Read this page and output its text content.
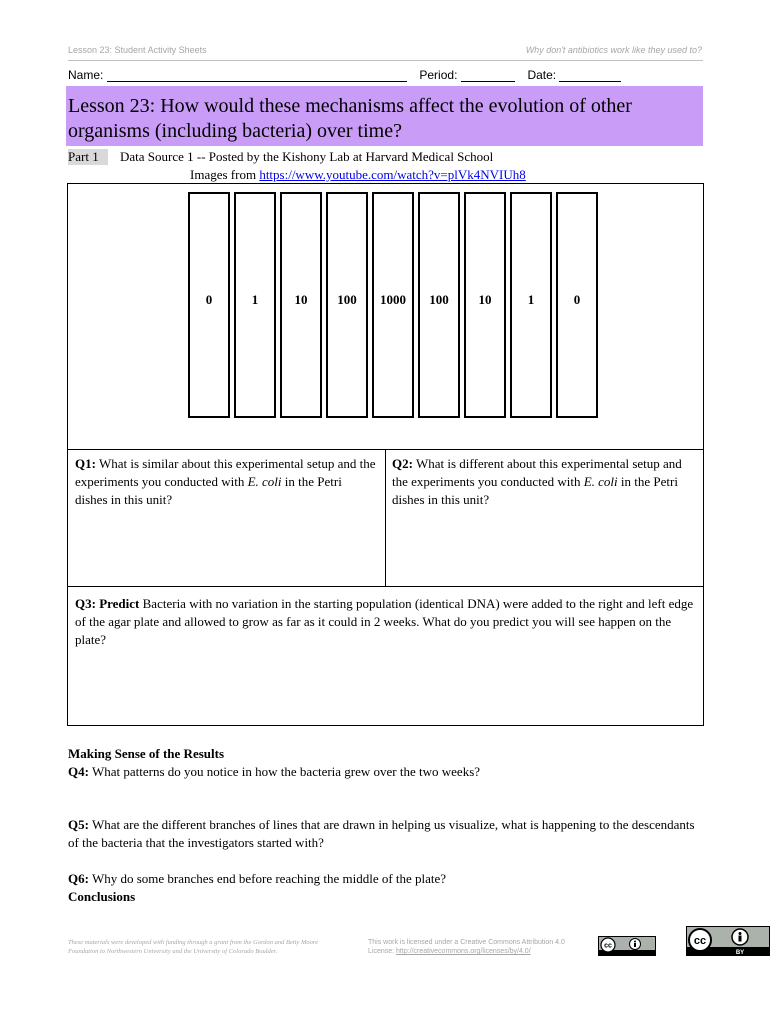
Lesson 23: Student Activity Sheets	Why don't antibiotics work like they used to?
Name:	Period:	Date:
Lesson 23: How would these mechanisms affect the evolution of other organisms (including bacteria) over time?
Part 1	Data Source 1 -- Posted by the Kishony Lab at Harvard Medical School
Images from https://www.youtube.com/watch?v=plVk4NVIUh8
0	1	10 100 1000 100 10	1	0
Q1: What is similar about this experimental setup and the experiments you conducted with E. coli in the Petri dishes in this unit?
Q2: What is different about this experimental setup and the experiments you conducted with E. coli in the Petri dishes in this unit?
Q3: Predict Bacteria with no variation in the starting population (identical DNA) were added to the right and left edge of the agar plate and allowed to grow as far as it could in 2 weeks. What do you predict you will see happen on the plate?
Making Sense of the Results
Q4: What patterns do you notice in how the bacteria grew over the two weeks?
Q5: What are the different branches of lines that are drawn in helping us visualize, what is happening to the descendants of the bacteria that the investigators started with?
Q6: Why do some branches end before reaching the middle of the plate?
Conclusions
These materials were developed with funding through a grant from the Gordon and Betty Moore Foundation to Northwestern University and the University of Colorado Boulder.
This work is licensed under a Creative Commons Attribution 4.0 License: http://creativecommons.org/licenses/by/4.0/
cc	cc
BY
